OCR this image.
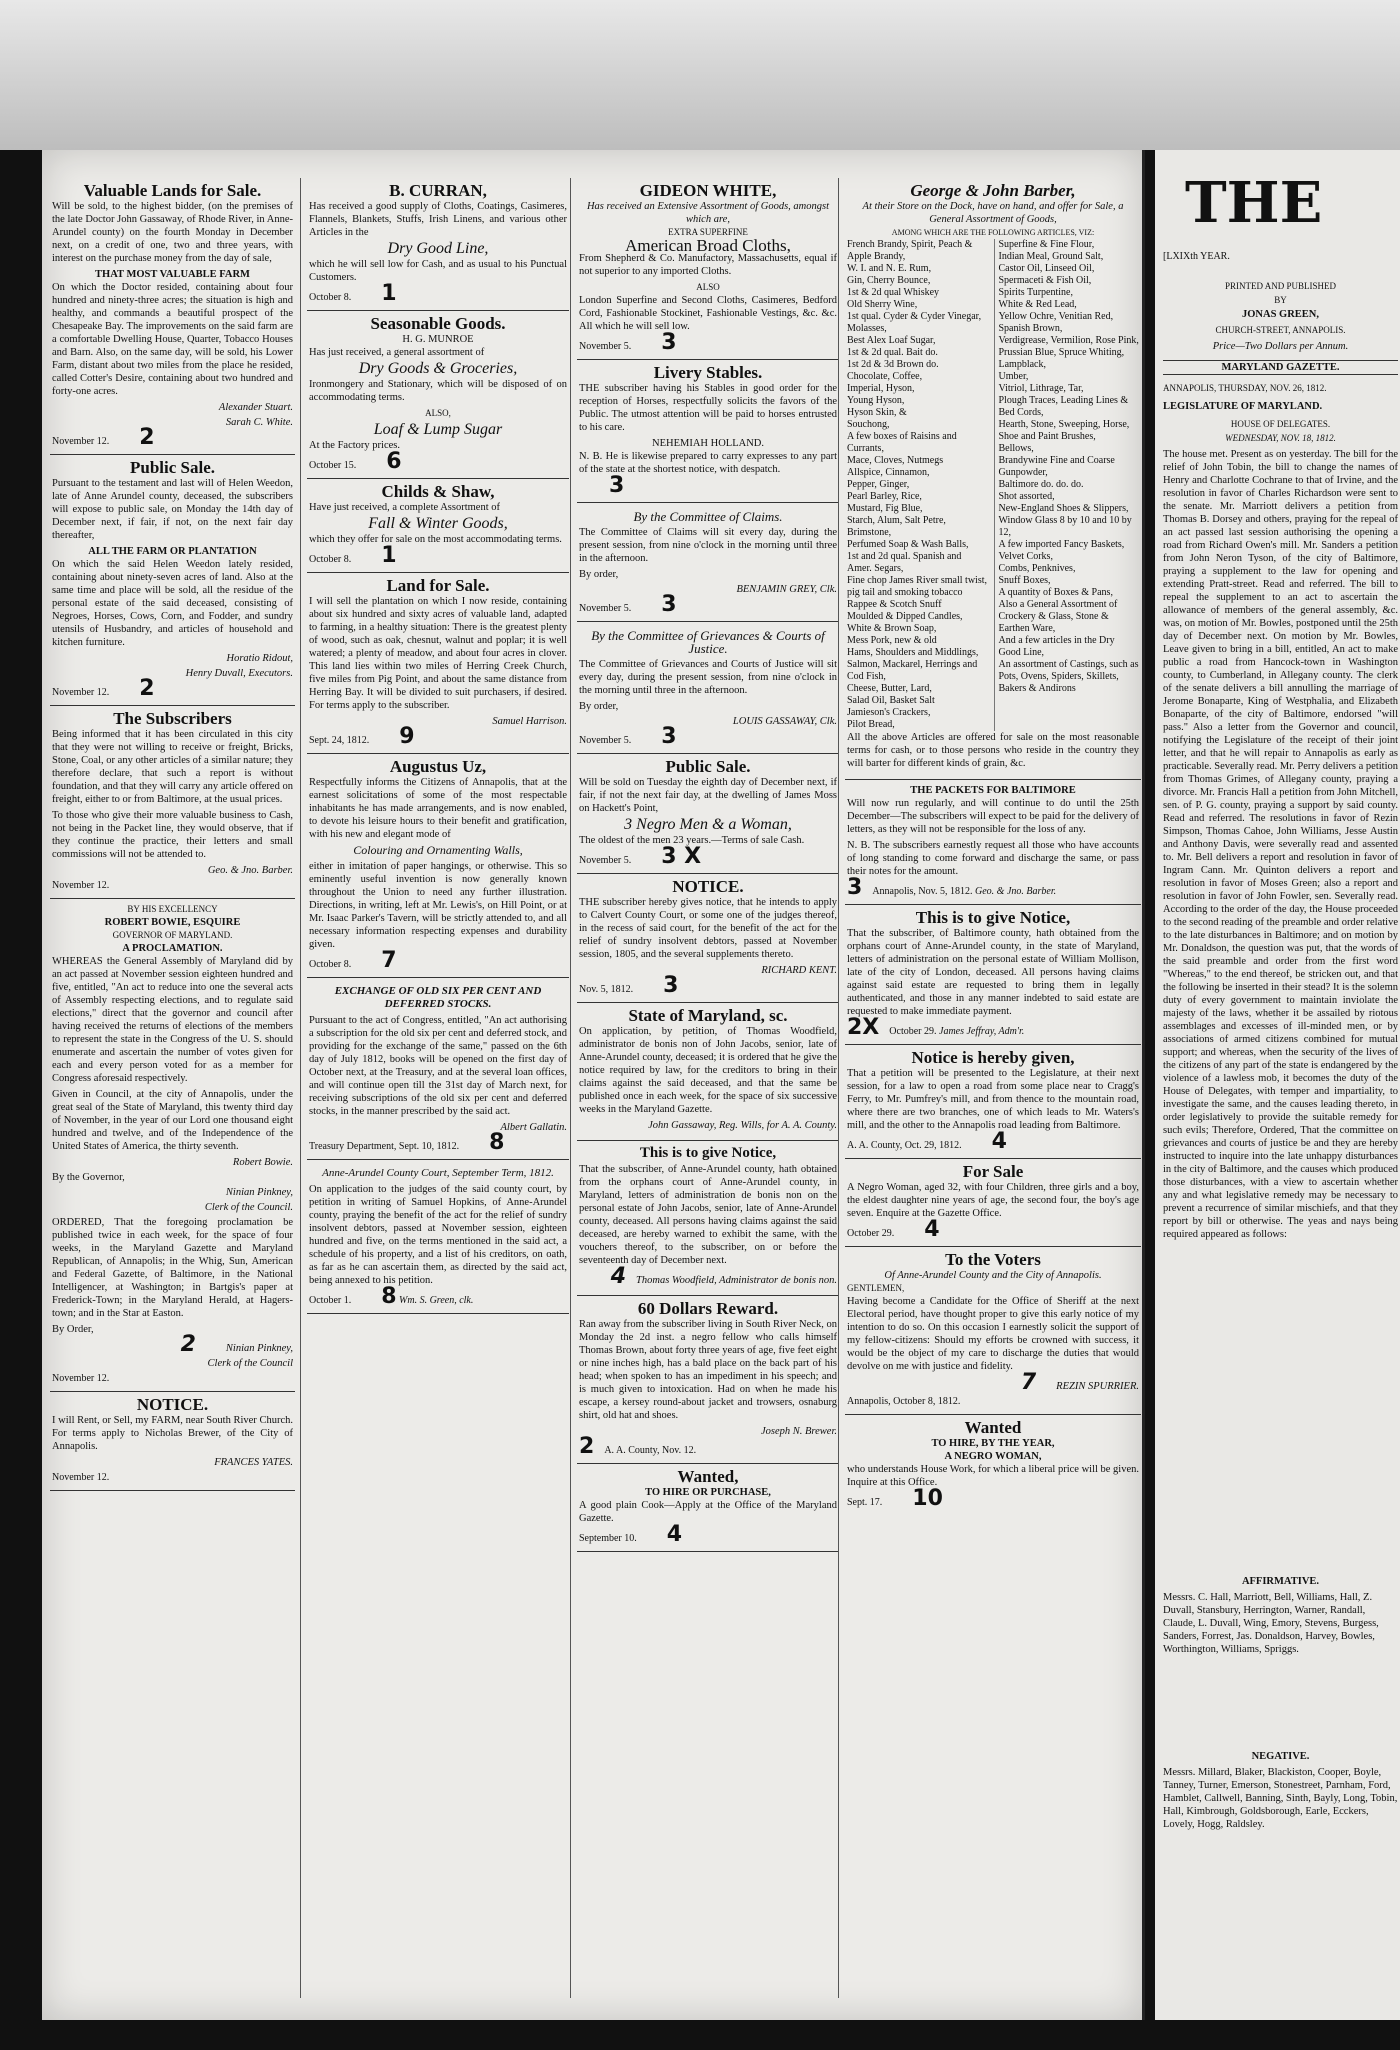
Valuable Lands for Sale.

Will be sold, to the highest bidder, (on the premises of the late Doctor John Gassaway, of Rhode River, in Anne-Arundel county) on the fourth Monday in December next, on a credit of one, two and three years, with interest on the purchase money from the day of sale,

THAT MOST VALUABLE FARM

On which the Doctor resided, containing about four hundred and ninety-three acres; the situation is high and healthy, and commands a beautiful prospect of the Chesapeake Bay. The improvements on the said farm are a comfortable Dwelling House, Quarter, Tobacco Houses and Barn. Also, on the same day, will be sold, his Lower Farm, distant about two miles from the place he resided, called Cotter's Desire, containing about two hundred and forty-one acres.

Alexander Stuart.
Sarah C. White.
November 12. 2
Public Sale.

Pursuant to the testament and last will of Helen Weedon, late of Anne Arundel county, deceased, the subscribers will expose to public sale, on Monday the 14th day of December next, if fair, if not, on the next fair day thereafter,

ALL THE FARM OR PLANTATION

On which the said Helen Weedon lately resided, containing about ninety-seven acres of land. Also at the same time and place will be sold, all the residue of the personal estate of the said deceased, consisting of Negroes, Horses, Cows, Corn, and Fodder, and sundry utensils of Husbandry, and articles of household and kitchen furniture.

Horatio Ridout,
Henry Duvall, Executors.
November 12. 2
The Subscribers

Being informed that it has been circulated in this city that they were not willing to receive or freight, Bricks, Stone, Coal, or any other articles of a similar nature; they therefore declare, that such a report is without foundation, and that they will carry any article offered on freight, either to or from Baltimore, at the usual prices.

To those who give their more valuable business to Cash, not being in the Packet line, they would observe, that if they continue the practice, their letters and small commissions will not be attended to.

Geo. & Jno. Barber.
November 12.
BY HIS EXCELLENCY
ROBERT BOWIE, ESQUIRE
GOVERNOR OF MARYLAND.
A PROCLAMATION.

WHEREAS the General Assembly of Maryland did by an act passed at November session eighteen hundred and five, entitled, "An act to reduce into one the several acts of Assembly respecting elections, and to regulate said elections," direct that the governor and council after having received the returns of elections of the members to represent the state in the Congress of the U. S. should enumerate and ascertain the number of votes given for each and every person voted for as a member for Congress aforesaid respectively.

Given in Council, at the city of Annapolis, under the great seal of the State of Maryland, this twenty third day of November, in the year of our Lord one thousand eight hundred and twelve, and of the Independence of the United States of America, the thirty seventh.

Robert Bowie.
By the Governor,
Ninian Pinkney,
Clerk of the Council.

ORDERED, That the foregoing proclamation be published twice in each week, for the space of four weeks, in the Maryland Gazette and Maryland Republican, of Annapolis; in the Whig, Sun, American and Federal Gazette, of Baltimore, in the National Intelligencer, at Washington; in Bartgis's paper at Frederick-Town; in the Maryland Herald, at Hagers-town; and in the Star at Easton.

By Order,
2	Ninian Pinkney,
Clerk of the Council
November 12.
NOTICE.

I will Rent, or Sell, my FARM, near South River Church. For terms apply to Nicholas Brewer, of the City of Annapolis.

FRANCES YATES.
November 12.
B. CURRAN,

Has received a good supply of Cloths, Coatings, Casimeres, Flannels, Blankets, Stuffs, Irish Linens, and various other Articles in the

Dry Good Line,

which he will sell low for Cash, and as usual to his Punctual Customers.

October 8. 1
Seasonable Goods.
H. G. MUNROE

Has just received, a general assortment of

Dry Goods & Groceries,

Ironmongery and Stationary, which will be disposed of on accommodating terms.

ALSO,
Loaf & Lump Sugar

At the Factory prices.

October 15. 6
Childs & Shaw,

Have just received, a complete Assortment of

Fall & Winter Goods,

which they offer for sale on the most accommodating terms.

October 8. 1
Land for Sale.

I will sell the plantation on which I now reside, containing about six hundred and sixty acres of valuable land, adapted to farming, in a healthy situation: There is the greatest plenty of wood, such as oak, chesnut, walnut and poplar; it is well watered; a plenty of meadow, and about four acres in clover. This land lies within two miles of Herring Creek Church, five miles from Pig Point, and about the same distance from Herring Bay. It will be divided to suit purchasers, if desired. For terms apply to the subscriber.

Samuel Harrison.
Sept. 24, 1812. 9
Augustus Uz,

Respectfully informs the Citizens of Annapolis, that at the earnest solicitations of some of the most respectable inhabitants he has made arrangements, and is now enabled, to devote his leisure hours to their benefit and gratification, with his new and elegant mode of

Colouring and Ornamenting Walls,

either in imitation of paper hangings, or otherwise. This so eminently useful invention is now generally known throughout the Union to need any further illustration. Directions, in writing, left at Mr. Lewis's, on Hill Point, or at Mr. Isaac Parker's Tavern, will be strictly attended to, and all necessary information respecting expenses and durability given.

October 8. 7
EXCHANGE OF OLD SIX PER CENT AND DEFERRED STOCKS.

Pursuant to the act of Congress, entitled, "An act authorising a subscription for the old six per cent and deferred stock, and providing for the exchange of the same," passed on the 6th day of July 1812, books will be opened on the first day of October next, at the Treasury, and at the several loan offices, and will continue open till the 31st day of March next, for receiving subscriptions of the old six per cent and deferred stocks, in the manner prescribed by the said act.

Albert Gallatin.
Treasury Department, Sept. 10, 1812. 8
Anne-Arundel County Court, September Term, 1812.

On application to the judges of the said county court, by petition in writing of Samuel Hopkins, of Anne-Arundel county, praying the benefit of the act for the relief of sundry insolvent debtors, passed at November session, eighteen hundred and five, on the terms mentioned in the said act, a schedule of his property, and a list of his creditors, on oath, as far as he can ascertain them, as directed by the said act, being annexed to his petition.

October 1. 8 Wm. S. Green, clk.
GIDEON WHITE,
Has received an Extensive Assortment of Goods, amongst which are,
EXTRA SUPERFINE
American Broad Cloths,

From Shepherd & Co. Manufactory, Massachusetts, equal if not superior to any imported Cloths.

ALSO

London Superfine and Second Cloths, Casimeres, Bedford Cord, Fashionable Stockinet, Fashionable Vestings, &c. &c. All which he will sell low.

November 5. 3
Livery Stables.

THE subscriber having his Stables in good order for the reception of Horses, respectfully solicits the favors of the Public. The utmost attention will be paid to horses entrusted to his care.

NEHEMIAH HOLLAND.

N. B. He is likewise prepared to carry expresses to any part of the state at the shortest notice, with despatch.

3
By the Committee of Claims.

The Committee of Claims will sit every day, during the present session, from nine o'clock in the morning until three in the afternoon.

By order,
BENJAMIN GREY, Clk.
November 5. 3
By the Committee of Grievances & Courts of Justice.

The Committee of Grievances and Courts of Justice will sit every day, during the present session, from nine o'clock in the morning until three in the afternoon.

By order,
LOUIS GASSAWAY, Clk.
November 5. 3
Public Sale.

Will be sold on Tuesday the eighth day of December next, if fair, if not the next fair day, at the dwelling of James Moss on Hackett's Point,

3 Negro Men & a Woman,

The oldest of the men 23 years.—Terms of sale Cash.

November 5. 3 X
NOTICE.

THE subscriber hereby gives notice, that he intends to apply to Calvert County Court, or some one of the judges thereof, in the recess of said court, for the benefit of the act for the relief of sundry insolvent debtors, passed at November session, 1805, and the several supplements thereto.

RICHARD KENT.
Nov. 5, 1812. 3
State of Maryland, sc.

On application, by petition, of Thomas Woodfield, administrator de bonis non of John Jacobs, senior, late of Anne-Arundel county, deceased; it is ordered that he give the notice required by law, for the creditors to bring in their claims against the said deceased, and that the same be published once in each week, for the space of six successive weeks in the Maryland Gazette.

John Gassaway, Reg. Wills, for A. A. County.
This is to give Notice,

That the subscriber, of Anne-Arundel county, hath obtained from the orphans court of Anne-Arundel county, in Maryland, letters of administration de bonis non on the personal estate of John Jacobs, senior, late of Anne-Arundel county, deceased. All persons having claims against the said deceased, are hereby warned to exhibit the same, with the vouchers thereof, to the subscriber, on or before the seventeenth day of December next.

4 Thomas Woodfield, Administrator de bonis non.
60 Dollars Reward.

Ran away from the subscriber living in South River Neck, on Monday the 2d inst. a negro fellow who calls himself Thomas Brown, about forty three years of age, five feet eight or nine inches high, has a bald place on the back part of his head; when spoken to has an impediment in his speech; and is much given to intoxication. Had on when he made his escape, a kersey round-about jacket and trowsers, osnaburg shirt, old hat and shoes.

Joseph N. Brewer.
2 A. A. County, Nov. 12.
Wanted,
TO HIRE OR PURCHASE,

A good plain Cook—Apply at the Office of the Maryland Gazette.

September 10. 4
George & John Barber,
At their Store on the Dock, have on hand, and offer for Sale, a General Assortment of Goods,
AMONG WHICH ARE THE FOLLOWING ARTICLES, VIZ:
French Brandy, Spirit, Peach & Apple Brandy,
W. I. and N. E. Rum,
Gin, Cherry Bounce,
1st & 2d qual Whiskey
Old Sherry Wine,
1st qual. Cyder & Cyder Vinegar,
Molasses,
Best Alex Loaf Sugar,
1st & 2d qual. Bait do.
1st 2d & 3d Brown do.
Chocolate, Coffee,
Imperial, Hyson,
Young Hyson,
Hyson Skin, &
Souchong,
A few boxes of Raisins and Currants,
Mace, Cloves, Nutmegs
Allspice, Cinnamon,
Pepper, Ginger,
Pearl Barley, Rice,
Mustard, Fig Blue,
Starch, Alum, Salt Petre, Brimstone,
Perfumed Soap & Wash Balls,
1st and 2d qual. Spanish and Amer. Segars,
Fine chop James River small twist, pig tail and smoking tobacco
Rappee & Scotch Snuff
Moulded & Dipped Candles,
White & Brown Soap,
Mess Pork, new & old
Hams, Shoulders and Middlings,
Salmon, Mackarel, Herrings and Cod Fish,
Cheese, Butter, Lard,
Salad Oil, Basket Salt
Jamieson's Crackers,
Pilot Bread,
Superfine & Fine Flour,
Indian Meal, Ground Salt,
Castor Oil, Linseed Oil,
Spermaceti & Fish Oil,
Spirits Turpentine,
White & Red Lead,
Yellow Ochre, Venitian Red, Spanish Brown,
Verdigrease, Vermilion, Rose Pink,
Prussian Blue, Spruce Whiting, Lampblack,
Umber,
Vitriol, Lithrage, Tar,
Plough Traces, Leading Lines & Bed Cords,
Hearth, Stone, Sweeping, Horse, Shoe and Paint Brushes,
Bellows,
Brandywine Fine and Coarse Gunpowder,
Baltimore do. do. do.
Shot assorted,
New-England Shoes & Slippers,
Window Glass 8 by 10 and 10 by 12,
A few imported Fancy Baskets,
Velvet Corks,
Combs, Penknives,
Snuff Boxes,
A quantity of Boxes & Pans,
Also a General Assortment of Crockery & Glass, Stone & Earthen Ware,
And a few articles in the Dry Good Line,
An assortment of Castings, such as Pots, Ovens, Spiders, Skillets, Bakers & Andirons

All the above Articles are offered for sale on the most reasonable terms for cash, or to those persons who reside in the country they will barter for different kinds of grain, &c.

THE PACKETS FOR BALTIMORE

Will now run regularly, and will continue to do until the 25th December—The subscribers will expect to be paid for the delivery of letters, as they will not be responsible for the loss of any.

N. B. The subscribers earnestly request all those who have accounts of long standing to come forward and discharge the same, or pass their notes for the amount.

3 Annapolis, Nov. 5, 1812. Geo. & Jno. Barber.
This is to give Notice,

That the subscriber, of Baltimore county, hath obtained from the orphans court of Anne-Arundel county, in the state of Maryland, letters of administration on the personal estate of William Mollison, late of the city of London, deceased. All persons having claims against said estate are requested to bring them in legally authenticated, and those in any manner indebted to said estate are requested to make immediate payment.

2X October 29. James Jeffray, Adm'r.
Notice is hereby given,

That a petition will be presented to the Legislature, at their next session, for a law to open a road from some place near to Cragg's Ferry, to Mr. Pumfrey's mill, and from thence to the mountain road, where there are two branches, one of which leads to Mr. Waters's mill, and the other to the Annapolis road leading from Baltimore.

A. A. County, Oct. 29, 1812. 4
For Sale

A Negro Woman, aged 32, with four Children, three girls and a boy, the eldest daughter nine years of age, the second four, the boy's age seven. Enquire at the Gazette Office.

October 29. 4
To the Voters
Of Anne-Arundel County and the City of Annapolis.
GENTLEMEN,

Having become a Candidate for the Office of Sheriff at the next Electoral period, have thought proper to give this early notice of my intention to do so. On this occasion I earnestly solicit the support of my fellow-citizens: Should my efforts be crowned with success, it would be the object of my care to discharge the duties that would devolve on me with justice and fidelity.

7 REZIN SPURRIER.
Annapolis, October 8, 1812.
Wanted
TO HIRE, BY THE YEAR,
A NEGRO WOMAN,

who understands House Work, for which a liberal price will be given. Inquire at this Office.

Sept. 17. 10
THE
[LXIXth YEAR.
PRINTED AND PUBLISHED
BY
JONAS GREEN,
CHURCH-STREET, ANNAPOLIS.
Price—Two Dollars per Annum.
MARYLAND GAZETTE.
ANNAPOLIS, THURSDAY, NOV. 26, 1812.
LEGISLATURE OF MARYLAND.
HOUSE OF DELEGATES.
WEDNESDAY, NOV. 18, 1812.
The house met. Present as on yesterday. The bill for the relief of John Tobin, the bill to change the names of Henry and Charlotte Cochrane to that of Irvine, and the resolution in favor of Charles Richardson were sent to the senate. Mr. Marriott delivers a petition from Thomas B. Dorsey and others, praying for the repeal of an act passed last session authorising the opening a road from Richard Owen's mill. Mr. Sanders a petition from John Neron Tyson, of the city of Baltimore, praying a supplement to the law for opening and extending Pratt-street. Read and referred. The bill to repeal the supplement to an act to ascertain the allowance of members of the general assembly, &c. was, on motion of Mr. Bowles, postponed until the 25th day of December next. On motion by Mr. Bowles, Leave given to bring in a bill, entitled, An act to make public a road from Hancock-town in Washington county, to Cumberland, in Allegany county. The clerk of the senate delivers a bill annulling the marriage of Jerome Bonaparte, King of Westphalia, and Elizabeth Bonaparte, of the city of Baltimore, endorsed "will pass." Also a letter from the Governor and council, notifying the Legislature of the receipt of their joint letter, and that he will repair to Annapolis as early as practicable. Severally read. Mr. Perry delivers a petition from Thomas Grimes, of Allegany county, praying a divorce. Mr. Francis Hall a petition from John Mitchell, sen. of P. G. county, praying a support by said county. Read and referred. The resolutions in favor of Rezin Simpson, Thomas Cahoe, John Williams, Jesse Austin and Anthony Davis, were severally read and assented to. Mr. Bell delivers a report and resolution in favor of Ingram Cann. Mr. Quinton delivers a report and resolution in favor of Moses Green; also a report and resolution in favor of John Fowler, sen. Severally read. According to the order of the day, the House proceeded to the second reading of the preamble and order relative to the late disturbances in Baltimore; and on motion by Mr. Donaldson, the question was put, that the words of the said preamble and order from the first word "Whereas," to the end thereof, be stricken out, and that the following be inserted in their stead? It is the solemn duty of every government to maintain inviolate the majesty of the laws, whether it be assailed by riotous assemblages and excesses of ill-minded men, or by associations of armed citizens combined for mutual support; and whereas, when the security of the lives of the citizens of any part of the state is endangered by the violence of a lawless mob, it becomes the duty of the House of Delegates, with temper and impartiality, to investigate the same, and the causes leading thereto, in order legislatively to provide the suitable remedy for such evils; Therefore, Ordered, That the committee on grievances and courts of justice be and they are hereby instructed to inquire into the late unhappy disturbances in the city of Baltimore, and the causes which produced those disturbances, with a view to ascertain whether any and what legislative remedy may be necessary to prevent a recurrence of similar mischiefs, and that they report by bill or otherwise. The yeas and nays being required appeared as follows:
AFFIRMATIVE.
Messrs. C. Hall, Marriott, Bell, Williams, Hall, Z. Duvall, Stansbury, Herrington, Warner, Randall, Claude, L. Duvall, Wing, Emory, Stevens, Burgess, Sanders, Forrest, Jas. Donaldson, Harvey, Bowles, Worthington, Williams, Spriggs.
NEGATIVE.
Messrs. Millard, Blaker, Blackiston, Cooper, Boyle, Tanney, Turner, Emerson, Stonestreet, Parnham, Ford, Hamblet, Callwell, Banning, Sinth, Bayly, Long, Tobin, Hall, Kimbrough, Goldsborough, Earle, Ecckers, Lovely, Hogg, Raldsley.
